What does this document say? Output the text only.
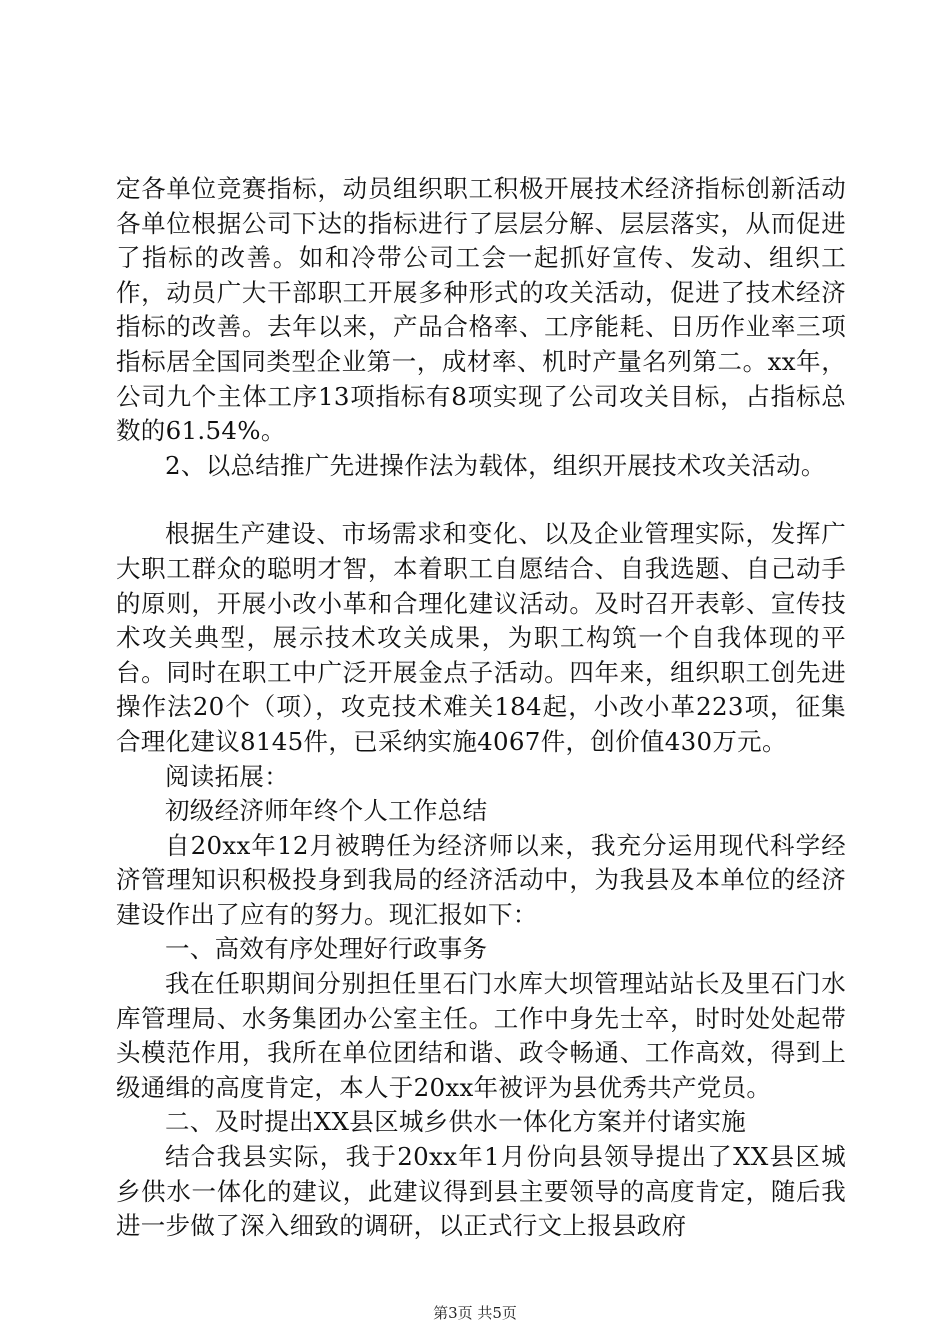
定各单位竞赛指标，动员组织职工积极开展技术经济指标创新活动各单位根据公司下达的指标进行了层层分解、层层落实，从而促进了指标的改善。如和冷带公司工会一起抓好宣传、发动、组织工作，动员广大干部职工开展多种形式的攻关活动，促进了技术经济指标的改善。去年以来，产品合格率、工序能耗、日历作业率三项指标居全国同类型企业第一，成材率、机时产量名列第二。xx年，公司九个主体工序13项指标有8项实现了公司攻关目标，占指标总数的61.54%。

2、以总结推广先进操作法为载体，组织开展技术攻关活动。

根据生产建设、市场需求和变化、以及企业管理实际，发挥广大职工群众的聪明才智，本着职工自愿结合、自我选题、自己动手的原则，开展小改小革和合理化建议活动。及时召开表彰、宣传技术攻关典型，展示技术攻关成果，为职工构筑一个自我体现的平台。同时在职工中广泛开展金点子活动。四年来，组织职工创先进操作法20个（项），攻克技术难关184起，小改小革223项，征集合理化建议8145件，已采纳实施4067件，创价值430万元。

阅读拓展：

初级经济师年终个人工作总结

自20xx年12月被聘任为经济师以来，我充分运用现代科学经济管理知识积极投身到我局的经济活动中，为我县及本单位的经济建设作出了应有的努力。现汇报如下：

一、高效有序处理好行政事务

我在任职期间分别担任里石门水库大坝管理站站长及里石门水库管理局、水务集团办公室主任。工作中身先士卒，时时处处起带头模范作用，我所在单位团结和谐、政令畅通、工作高效，得到上级通缉的高度肯定，本人于20xx年被评为县优秀共产党员。

二、及时提出XX县区城乡供水一体化方案并付诸实施

结合我县实际，我于20xx年1月份向县领导提出了XX县区城乡供水一体化的建议，此建议得到县主要领导的高度肯定，随后我进一步做了深入细致的调研，以正式行文上报县政府

第3页 共5页
